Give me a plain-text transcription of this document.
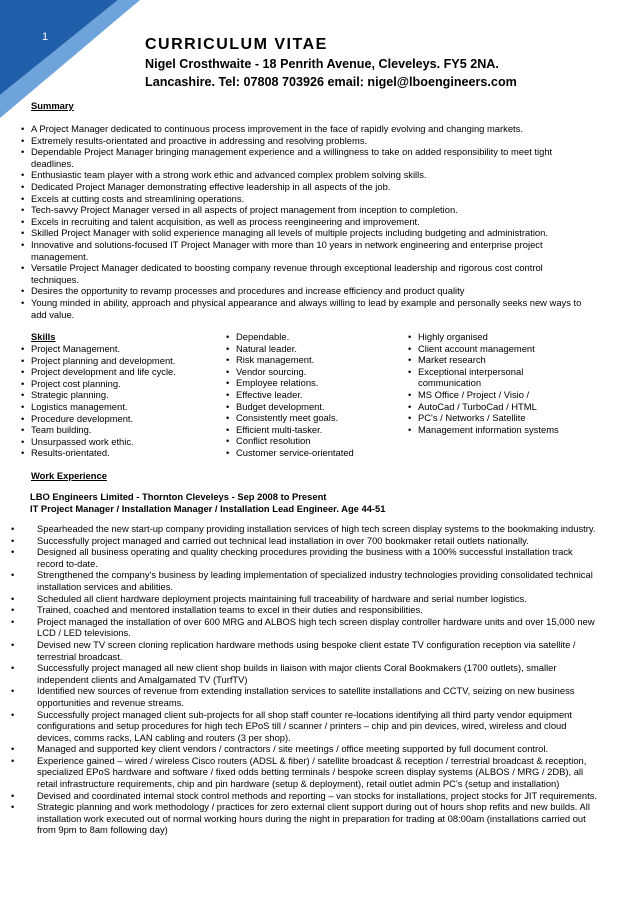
1	CURRICULUM VITAE
Nigel Crosthwaite - 18 Penrith Avenue, Cleveleys. FY5 2NA.
Lancashire. Tel: 07808 703926 email: nigel@lboengineers.com
Summary
• A Project Manager dedicated to continuous process improvement in the face of rapidly evolving and changing markets.
• Extremely results-orientated and proactive in addressing and resolving problems.
• Dependable Project Manager bringing management experience and a willingness to take on added responsibility to meet tight deadlines.
• Enthusiastic team player with a strong work ethic and advanced complex problem solving skills.
• Dedicated Project Manager demonstrating effective leadership in all aspects of the job.
• Excels at cutting costs and streamlining operations.
• Tech-savvy Project Manager versed in all aspects of project management from inception to completion.
• Excels in recruiting and talent acquisition, as well as process reengineering and improvement.
• Skilled Project Manager with solid experience managing all levels of multiple projects including budgeting and administration.
• Innovative and solutions-focused IT Project Manager with more than 10 years in network engineering and enterprise project management.
• Versatile Project Manager dedicated to boosting company revenue through exceptional leadership and rigorous cost control techniques.
• Desires the opportunity to revamp processes and procedures and increase efficiency and product quality
• Young minded in ability, approach and physical appearance and always willing to lead by example and personally seeks new ways to add value.
Skills
• Project Management.
• Project planning and development.
• Project development and life cycle.
• Project cost planning.
• Strategic planning.
• Logistics management.
• Procedure development.
• Team building.
• Unsurpassed work ethic.
• Results-orientated.
• Dependable.
• Natural leader.
• Risk management.
• Vendor sourcing.
• Employee relations.
• Effective leader.
• Budget development.
• Consistently meet goals.
• Efficient multi-tasker.
• Conflict resolution
• Customer service-orientated
• Highly organised
• Client account management
• Market research
• Exceptional interpersonal communication
• MS Office / Project / Visio /
• AutoCad / TurboCad / HTML
• PC's / Networks / Satellite
• Management information systems
Work Experience
LBO Engineers Limited - Thornton Cleveleys - Sep 2008 to Present
IT Project Manager / Installation Manager / Installation Lead Engineer. Age 44-51
• Spearheaded the new start-up company providing installation services of high tech screen display systems to the bookmaking industry.
• Successfully project managed and carried out technical lead installation in over 700 bookmaker retail outlets nationally.
• Designed all business operating and quality checking procedures providing the business with a 100% successful installation track record to-date.
• Strengthened the company's business by leading implementation of specialized industry technologies providing consolidated technical installation services and abilities.
• Scheduled all client hardware deployment projects maintaining full traceability of hardware and serial number logistics.
• Trained, coached and mentored installation teams to excel in their duties and responsibilities.
• Project managed the installation of over 600 MRG and ALBOS high tech screen display controller hardware units and over 15,000 new LCD / LED televisions.
• Devised new TV screen cloning replication hardware methods using bespoke client estate TV configuration reception via satellite / terrestrial broadcast.
• Successfully project managed all new client shop builds in liaison with major clients Coral Bookmakers (1700 outlets), smaller independent clients and Amalgamated TV (TurfTV)
• Identified new sources of revenue from extending installation services to satellite installations and CCTV, seizing on new business opportunities and revenue streams.
• Successfully project managed client sub-projects for all shop staff counter re-locations identifying all third party vendor equipment configurations and setup procedures for high tech EPoS till / scanner / printers – chip and pin devices, wired, wireless and cloud devices, comms racks, LAN cabling and routers (3 per shop).
• Managed and supported key client vendors / contractors / site meetings / office meeting supported by full document control.
• Experience gained – wired / wireless Cisco routers (ADSL & fiber) / satellite broadcast & reception / terrestrial broadcast & reception, specialized EPoS hardware and software / fixed odds betting terminals / bespoke screen display systems (ALBOS / MRG / 2DB), all retail infrastructure requirements, chip and pin hardware (setup & deployment), retail outlet admin PC's (setup and installation)
• Devised and coordinated internal stock control methods and reporting – van stocks for installations, project stocks for JIT requirements.
• Strategic planning and work methodology / practices for zero external client support during out of hours shop refits and new builds. All installation work executed out of normal working hours during the night in preparation for trading at 08:00am (installations carried out from 9pm to 8am following day)
